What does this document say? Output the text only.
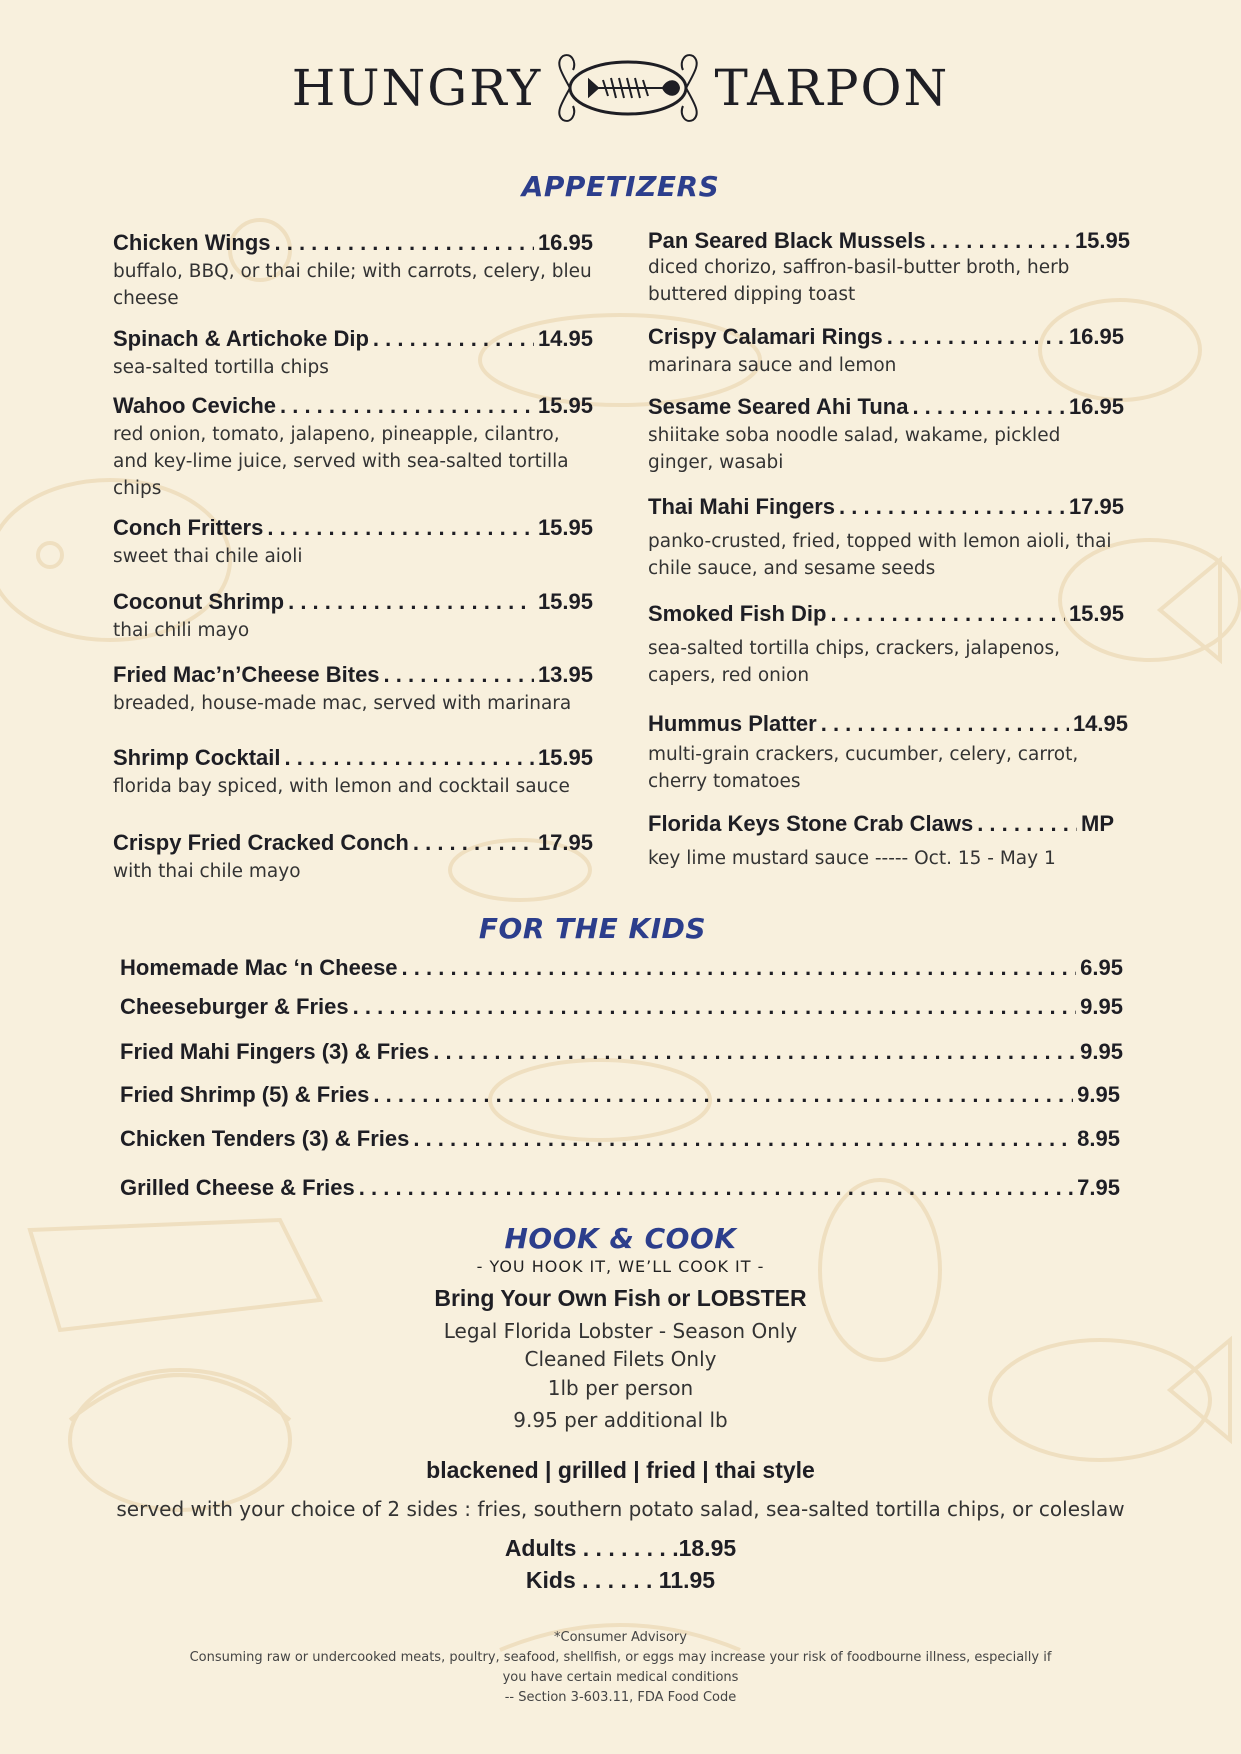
HUNGRY	TARPON
APPETIZERS
Chicken Wings . . .	16.95
buffalo, BBQ, or thai chile; with carrots, celery, bleu cheese
Spinach & Artichoke Dip . . .	14.95
sea-salted tortilla chips
Wahoo Ceviche . . .	15.95
red onion, tomato, jalapeno, pineapple, cilantro, and key-lime juice, served with sea-salted tortilla chips
Conch Fritters . . .	15.95
sweet thai chile aioli
Coconut Shrimp . . .	15.95
thai chili mayo
Fried Mac’n’Cheese Bites . . .	13.95
breaded, house-made mac, served with marinara
Shrimp Cocktail . . .	15.95
florida bay spiced, with lemon and cocktail sauce
Crispy Fried Cracked Conch . . .	17.95
with thai chile mayo
Pan Seared Black Mussels . . .	15.95
diced chorizo, saffron-basil-butter broth, herb buttered dipping toast
Crispy Calamari Rings . . .	16.95
marinara sauce and lemon
Sesame Seared Ahi Tuna . . .	16.95
shiitake soba noodle salad, wakame, pickled ginger, wasabi
Thai Mahi Fingers . . .	17.95
panko-crusted, fried, topped with lemon aioli, thai chile sauce, and sesame seeds
Smoked Fish Dip . . .	15.95
sea-salted tortilla chips, crackers, jalapenos, capers, red onion
Hummus Platter . . .	14.95
multi-grain crackers, cucumber, celery, carrot, cherry tomatoes
Florida Keys Stone Crab Claws . . .	MP
key lime mustard sauce ----- Oct. 15 - May 1
FOR THE KIDS
Homemade Mac ‘n Cheese . . .	6.95
Cheeseburger & Fries . . .	9.95
Fried Mahi Fingers (3) & Fries . . .	9.95
Fried Shrimp (5) & Fries . . .	9.95
Chicken Tenders (3) & Fries . . .	8.95
Grilled Cheese & Fries . . .	7.95
HOOK & COOK
- YOU HOOK IT, WE’LL COOK IT -
Bring Your Own Fish or LOBSTER
Legal Florida Lobster - Season Only
Cleaned Filets Only
1lb per person
9.95 per additional lb
blackened | grilled | fried | thai style
served with your choice of 2 sides : fries, southern potato salad, sea-salted tortilla chips, or coleslaw
Adults . . . . . . . .18.95
Kids . . . . . . 11.95
*Consumer Advisory
Consuming raw or undercooked meats, poultry, seafood, shellfish, or eggs may increase your risk of foodbourne illness, especially if
you have certain medical conditions
-- Section 3-603.11, FDA Food Code
